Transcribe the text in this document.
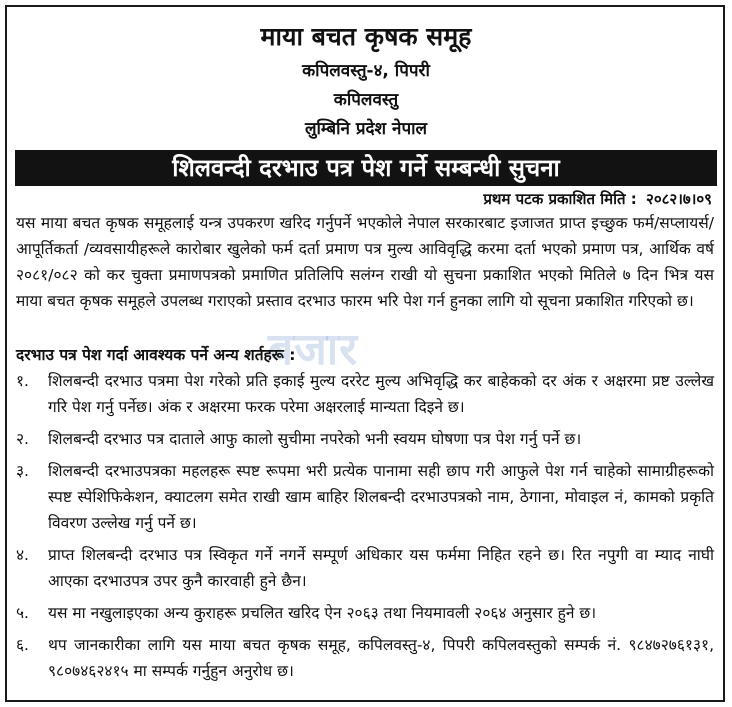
माया बचत कृषक समूह
कपिलवस्तु-४, पिपरी
कपिलवस्तु
लुम्बिनि प्रदेश नेपाल
शिलवन्दी दरभाउ पत्र पेश गर्ने सम्बन्धी सुचना
प्रथम पटक प्रकाशित मिति : २०८२।७।०९
यस माया बचत कृषक समूहलाई यन्त्र उपकरण खरिद गर्नुपर्ने भएकोले नेपाल सरकारबाट इजाजत प्राप्त इच्छुक फर्म/सप्लायर्स/आपूर्तिकर्ता /व्यवसायीहरूले कारोबार खुलेको फर्म दर्ता प्रमाण पत्र मुल्य आविवृद्धि करमा दर्ता भएको प्रमाण पत्र, आर्थिक वर्ष २०८१/०८२ को कर चुक्ता प्रमाणपत्रको प्रमाणित प्रतिलिपि सलंग्न राखी यो सुचना प्रकाशित भएको मितिले ७ दिन भित्र यस माया बचत कृषक समूहले उपलब्ध गराएको प्रस्ताव दरभाउ फारम भरि पेश गर्न हुनका लागि यो सूचना प्रकाशित गरिएको छ।
बजार
दरभाउ पत्र पेश गर्दा आवश्यक पर्ने अन्य शर्तहरू :
१.	शिलबन्दी दरभाउ पत्रमा पेश गरेको प्रति इकाई मुल्य दररेट मुल्य अभिवृद्धि कर बाहेकको दर अंक र अक्षरमा प्रष्ट उल्लेख गरि पेश गर्नु पर्नेछ। अंक र अक्षरमा फरक परेमा अक्षरलाई मान्यता दिइने छ।
२.	शिलबन्दी दरभाउ पत्र दाताले आफु कालो सुचीमा नपरेको भनी स्वयम घोषणा पत्र पेश गर्नु पर्ने छ।
३.	शिलबन्दी दरभाउपत्रका महलहरू स्पष्ट रूपमा भरी प्रत्येक पानामा सही छाप गरी आफुले पेश गर्न चाहेको सामाग्रीहरूको स्पष्ट स्पेशिफिकेशन, क्याटलग समेत राखी खाम बाहिर शिलबन्दी दरभाउपत्रको नाम, ठेगाना, मोवाइल नं, कामको प्रकृति विवरण उल्लेख गर्नु पर्ने छ।
४.	प्राप्त शिलबन्दी दरभाउ पत्र स्विकृत गर्ने नगर्ने सम्पूर्ण अधिकार यस फर्ममा निहित रहने छ। रित नपुगी वा म्याद नाघी आएका दरभाउपत्र उपर कुनै कारवाही हुने छैन।
५.	यस मा नखुलाइएका अन्य कुराहरू प्रचलित खरिद ऐन २०६३ तथा नियमावली २०६४ अनुसार हुने छ।
६.	थप जानकारीका लागि यस माया बचत कृषक समूह, कपिलवस्तु-४, पिपरी कपिलवस्तुको सम्पर्क नं. ९८४७२७६१३१, ९८०७४६२४१५ मा सम्पर्क गर्नुहुन अनुरोध छ।
